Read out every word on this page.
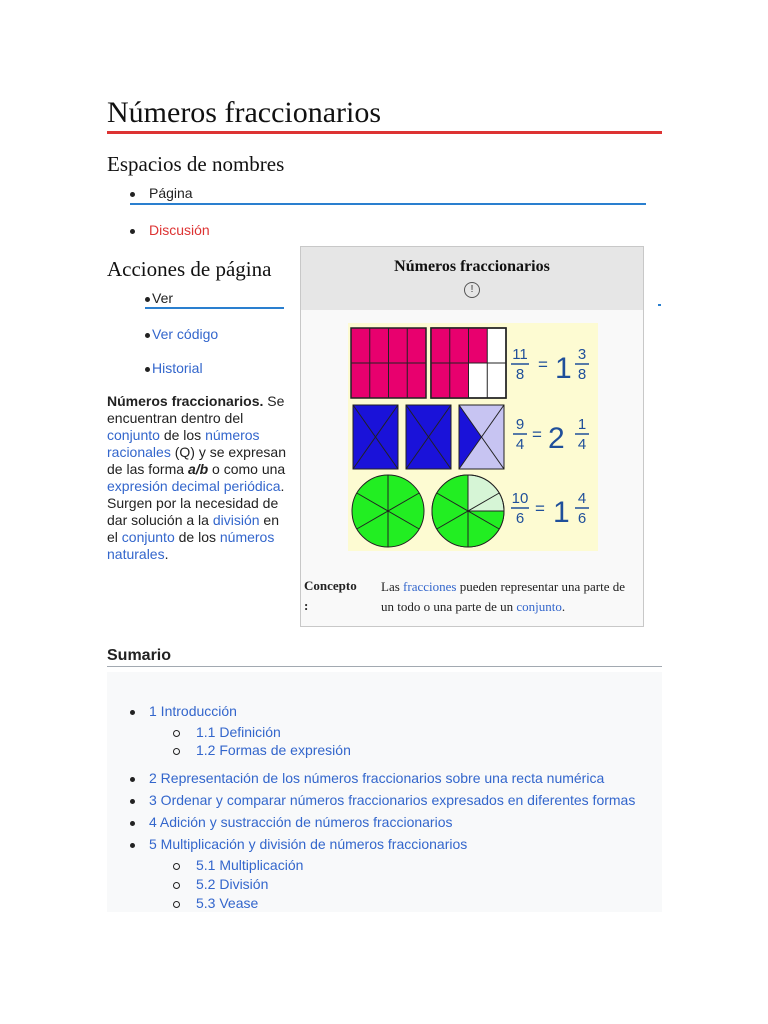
Números fraccionarios
Espacios de nombres
Página
Discusión
Acciones de página
Ver
Ver código
Historial
Números fraccionarios. Se encuentran dentro del conjunto de los números racionales (Q) y se expresan de las forma a/b o como una expresión decimal periódica. Surgen por la necesidad de dar solución a la división en el conjunto de los números naturales.
Números fraccionarios
!
11
8
= 1 3
8
9
4
= 2 1
4
10
6
= 1 4
6
Concepto :
Las fracciones pueden representar una parte de un todo o una parte de un conjunto.
Sumario
1 Introducción
1.1 Definición
1.2 Formas de expresión
2 Representación de los números fraccionarios sobre una recta numérica
3 Ordenar y comparar números fraccionarios expresados en diferentes formas
4 Adición y sustracción de números fraccionarios
5 Multiplicación y división de números fraccionarios
5.1 Multiplicación
5.2 División
5.3 Vease
